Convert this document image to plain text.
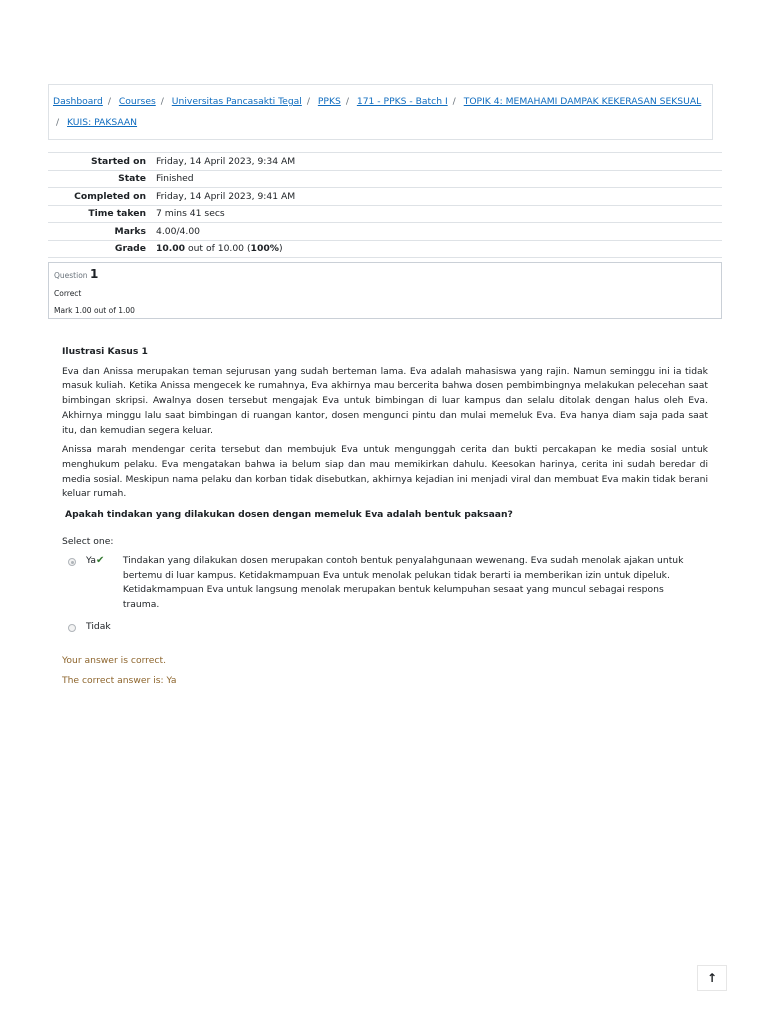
Dashboard / Courses / Universitas Pancasakti Tegal / PPKS / 171 - PPKS - Batch I / TOPIK 4: MEMAHAMI DAMPAK KEKERASAN SEKSUAL
/ KUIS: PAKSAAN
Started on	Friday, 14 April 2023, 9:34 AM
State	Finished
Completed on	Friday, 14 April 2023, 9:41 AM
Time taken	7 mins 41 secs
Marks	4.00/4.00
Grade	10.00 out of 10.00 (100%)
Question 1
Correct
Mark 1.00 out of 1.00

Ilustrasi Kasus 1

Eva dan Anissa merupakan teman sejurusan yang sudah berteman lama. Eva adalah mahasiswa yang rajin. Namun seminggu ini ia tidak masuk kuliah. Ketika Anissa mengecek ke rumahnya, Eva akhirnya mau bercerita bahwa dosen pembimbingnya melakukan pelecehan saat bimbingan skripsi. Awalnya dosen tersebut mengajak Eva untuk bimbingan di luar kampus dan selalu ditolak dengan halus oleh Eva. Akhirnya minggu lalu saat bimbingan di ruangan kantor, dosen mengunci pintu dan mulai memeluk Eva. Eva hanya diam saja pada saat itu, dan kemudian segera keluar.

Anissa marah mendengar cerita tersebut dan membujuk Eva untuk mengunggah cerita dan bukti percakapan ke media sosial untuk menghukum pelaku. Eva mengatakan bahwa ia belum siap dan mau memikirkan dahulu. Keesokan harinya, cerita ini sudah beredar di media sosial. Meskipun nama pelaku dan korban tidak disebutkan, akhirnya kejadian ini menjadi viral dan membuat Eva makin tidak berani keluar rumah.

Apakah tindakan yang dilakukan dosen dengan memeluk Eva adalah bentuk paksaan?

Select one:
Ya✔ Tindakan yang dilakukan dosen merupakan contoh bentuk penyalahgunaan wewenang. Eva sudah menolak ajakan untuk bertemu di luar kampus. Ketidakmampuan Eva untuk menolak pelukan tidak berarti ia memberikan izin untuk dipeluk. Ketidakmampuan Eva untuk langsung menolak merupakan bentuk kelumpuhan sesaat yang muncul sebagai respons trauma.
Tidak
Your answer is correct.
The correct answer is: Ya
↑
